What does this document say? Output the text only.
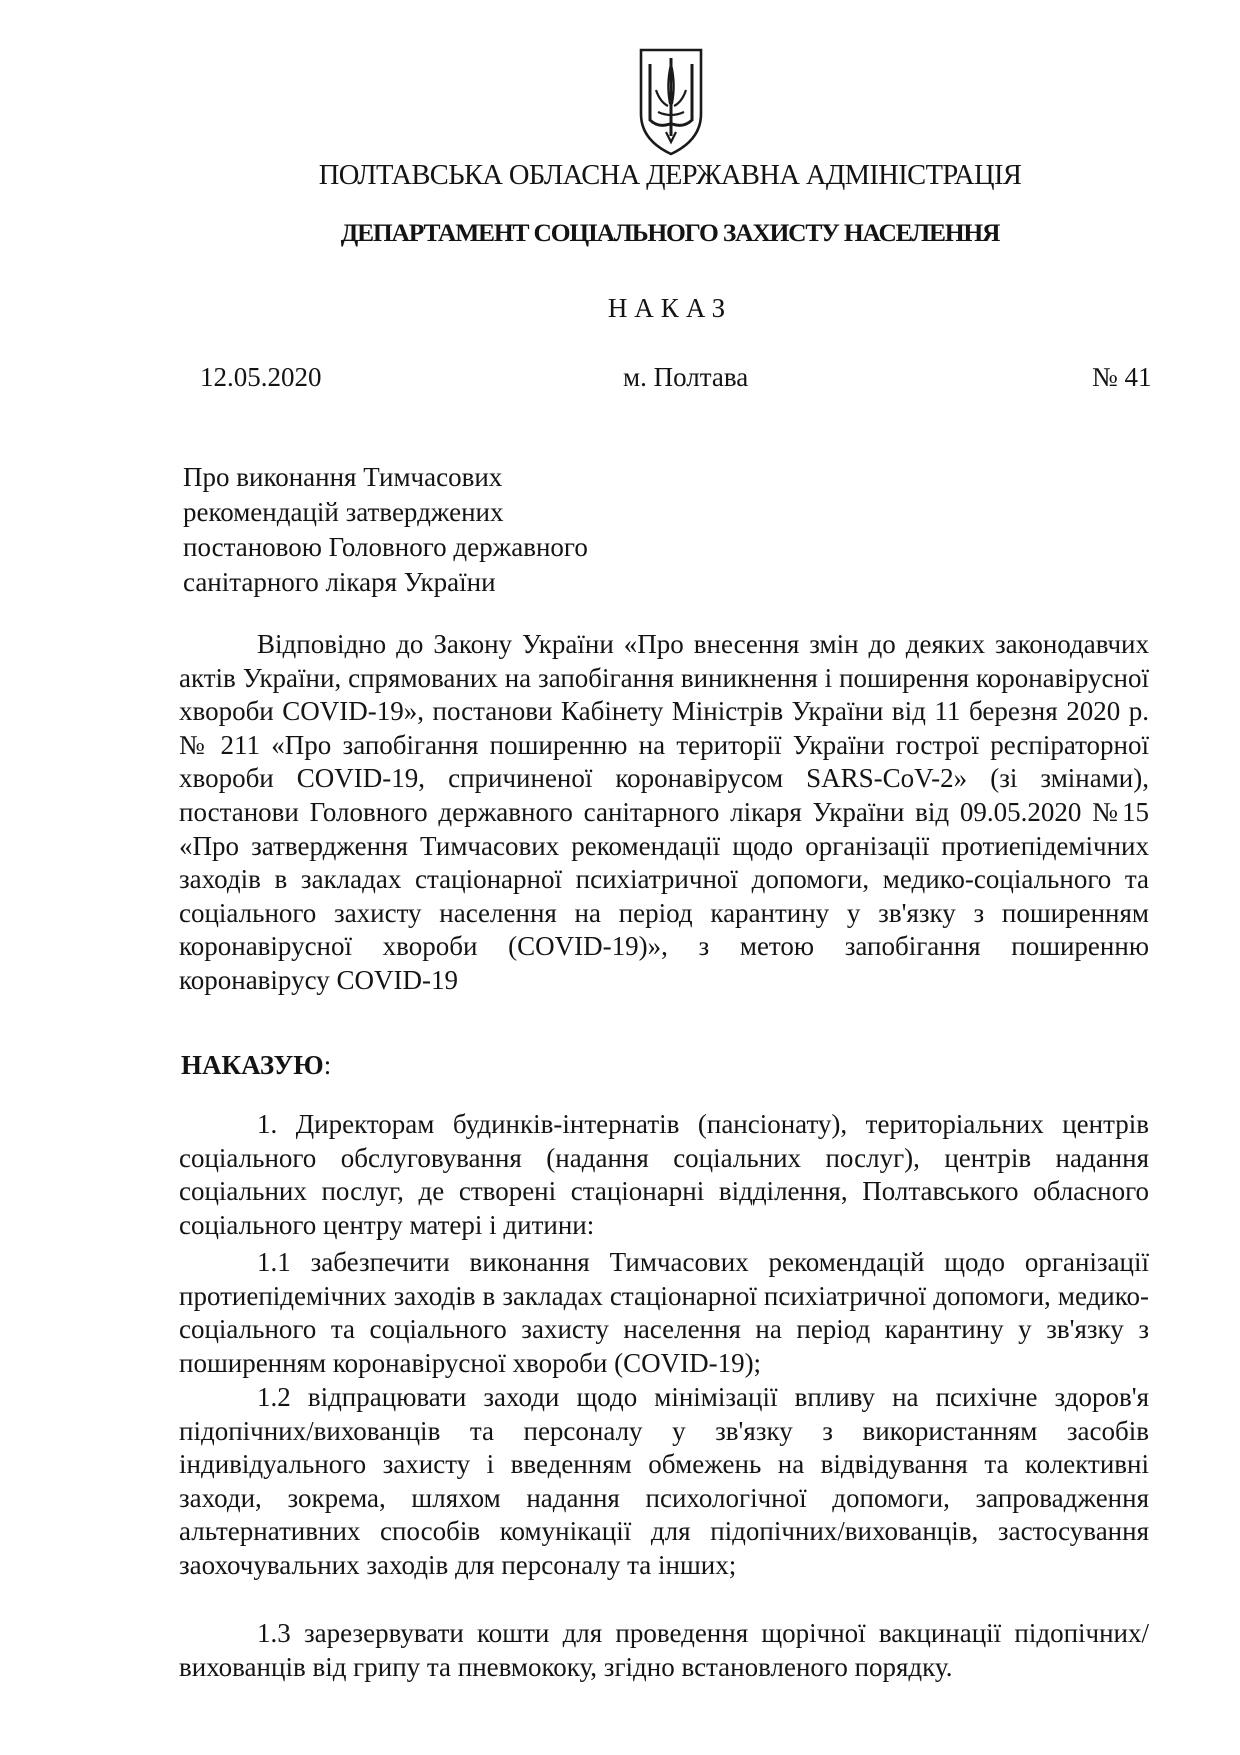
ПОЛТАВСЬКА ОБЛАСНА ДЕРЖАВНА АДМІНІСТРАЦІЯ
ДЕПАРТАМЕНТ СОЦІАЛЬНОГО ЗАХИСТУ НАСЕЛЕННЯ
НАКАЗ
12.05.2020	м. Полтава	№ 41
Про виконання Тимчасових
рекомендацій затверджених
постановою Головного державного
санітарного лікаря України

Відповідно до Закону України «Про внесення змін до деяких законодавчих актів України, спрямованих на запобігання виникнення і поширення коронавірусної хвороби COVID-19», постанови Кабінету Міністрів України від 11 березня 2020 р. № 211 «Про запобігання поширенню на території України гострої респіраторної хвороби COVID-19, спричиненої коронавірусом SARS-CoV-2» (зі змінами), постанови Головного державного санітарного лікаря України від 09.05.2020 №15 «Про затвердження Тимчасових рекомендації щодо організації протиепідемічних заходів в закладах стаціонарної психіатричної допомоги, медико-соціального та соціального захисту населення на період карантину у зв'язку з поширенням коронавірусної хвороби (COVID-19)», з метою запобігання поширенню коронавірусу COVID-19

НАКАЗУЮ:

1. Директорам будинків-інтернатів (пансіонату), територіальних центрів соціального обслуговування (надання соціальних послуг), центрів надання соціальних послуг, де створені стаціонарні відділення, Полтавського обласного соціального центру матері і дитини:

1.1 забезпечити виконання Тимчасових рекомендацій щодо організації протиепідемічних заходів в закладах стаціонарної психіатричної допомоги, медико-соціального та соціального захисту населення на період карантину у зв'язку з поширенням коронавірусної хвороби (COVID-19);

1.2 відпрацювати заходи щодо мінімізації впливу на психічне здоров'я підопічних/вихованців та персоналу у зв'язку з використанням засобів індивідуального захисту і введенням обмежень на відвідування та колективні заходи, зокрема, шляхом надання психологічної допомоги, запровадження альтернативних способів комунікації для підопічних/вихованців, застосування заохочувальних заходів для персоналу та інших;

1.3 зарезервувати кошти для проведення щорічної вакцинації підопічних/вихованців від грипу та пневмококу, згідно встановленого порядку.
